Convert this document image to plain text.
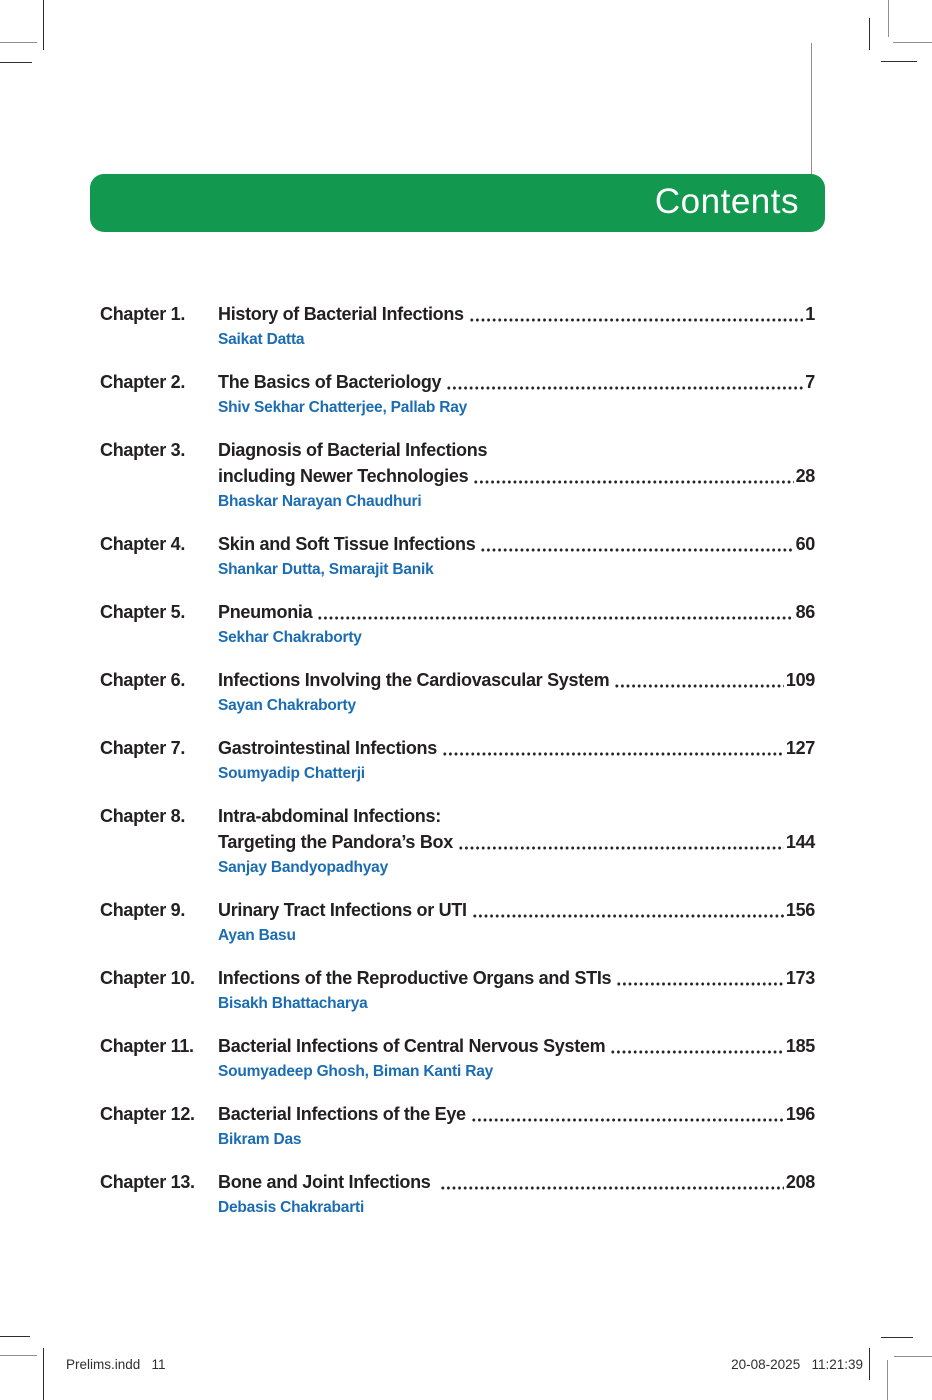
Contents
Chapter 1.	History of Bacterial Infections	1
Saikat Datta
Chapter 2.	The Basics of Bacteriology	7
Shiv Sekhar Chatterjee, Pallab Ray
Chapter 3.	Diagnosis of Bacterial Infections
including Newer Technologies	28
Bhaskar Narayan Chaudhuri
Chapter 4.	Skin and Soft Tissue Infections	60
Shankar Dutta, Smarajit Banik
Chapter 5.	Pneumonia	86
Sekhar Chakraborty
Chapter 6.	Infections Involving the Cardiovascular System	109
Sayan Chakraborty
Chapter 7.	Gastrointestinal Infections	127
Soumyadip Chatterji
Chapter 8.	Intra-abdominal Infections:
Targeting the Pandora’s Box	144
Sanjay Bandyopadhyay
Chapter 9.	Urinary Tract Infections or UTI	156
Ayan Basu
Chapter 10.	Infections of the Reproductive Organs and STIs	173
Bisakh Bhattacharya
Chapter 11.	Bacterial Infections of Central Nervous System	185
Soumyadeep Ghosh, Biman Kanti Ray
Chapter 12.	Bacterial Infections of the Eye	196
Bikram Das
Chapter 13.	Bone and Joint Infections	208
Debasis Chakrabarti
Prelims.indd   11	20-08-2025   11:21:39
